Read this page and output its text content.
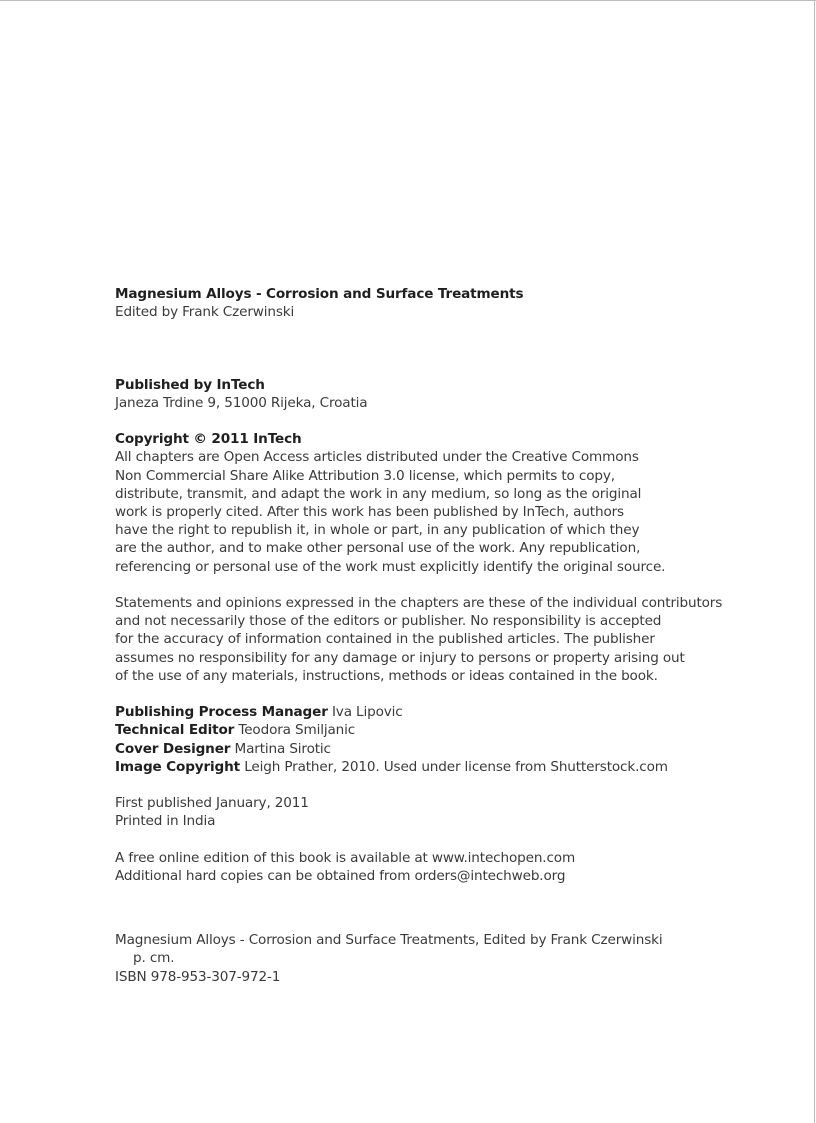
Magnesium Alloys - Corrosion and Surface Treatments
Edited by Frank Czerwinski
Published by InTech
Janeza Trdine 9, 51000 Rijeka, Croatia
Copyright © 2011 InTech
All chapters are Open Access articles distributed under the Creative Commons
Non Commercial Share Alike Attribution 3.0 license, which permits to copy,
distribute, transmit, and adapt the work in any medium, so long as the original
work is properly cited. After this work has been published by InTech, authors
have the right to republish it, in whole or part, in any publication of which they
are the author, and to make other personal use of the work. Any republication,
referencing or personal use of the work must explicitly identify the original source.
Statements and opinions expressed in the chapters are these of the individual contributors
and not necessarily those of the editors or publisher. No responsibility is accepted
for the accuracy of information contained in the published articles. The publisher
assumes no responsibility for any damage or injury to persons or property arising out
of the use of any materials, instructions, methods or ideas contained in the book.
Publishing Process Manager Iva Lipovic
Technical Editor Teodora Smiljanic
Cover Designer Martina Sirotic
Image Copyright Leigh Prather, 2010. Used under license from Shutterstock.com
First published January, 2011
Printed in India
A free online edition of this book is available at www.intechopen.com
Additional hard copies can be obtained from orders@intechweb.org
Magnesium Alloys - Corrosion and Surface Treatments, Edited by Frank Czerwinski
p. cm.
ISBN 978-953-307-972-1
